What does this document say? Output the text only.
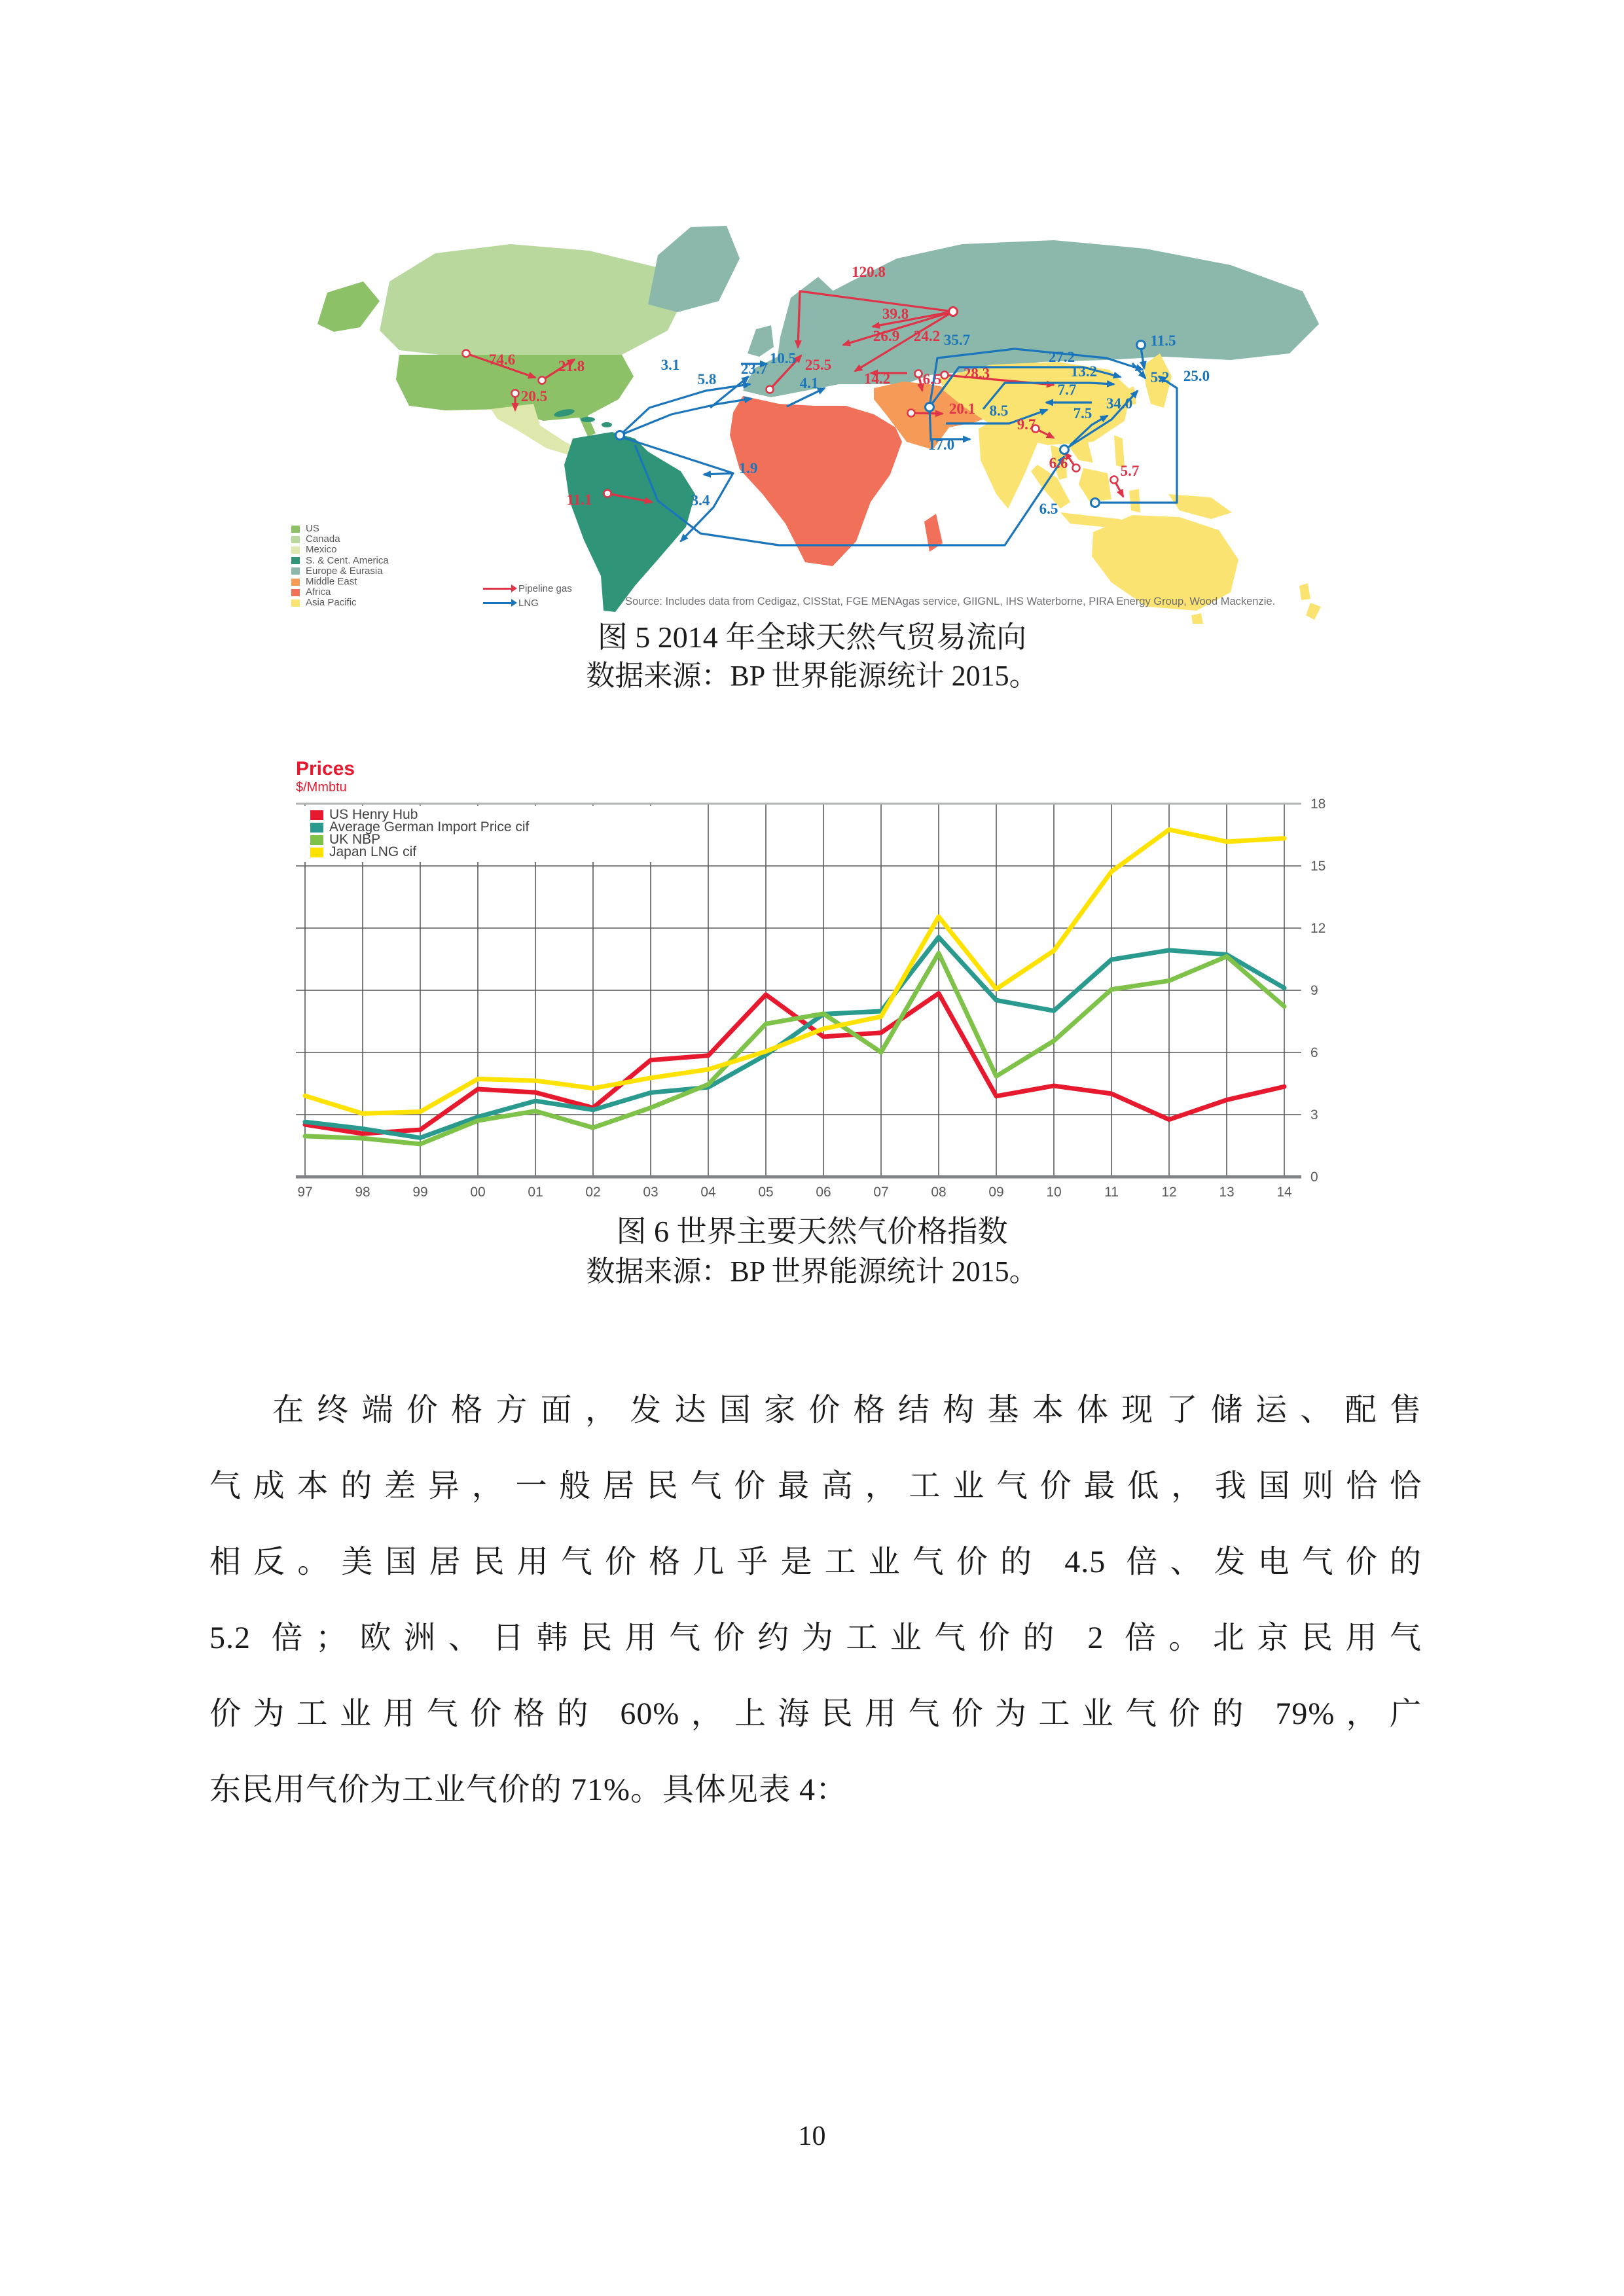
74.6	21.8
20.5
11.1
120.8
39.8
26.9 24.2
25.5
14.2 6.5 28.3
20.1
9.7
6.6	5.7
3.1
5.8
23.7
10.5
4.1
1.9
3.4
35.7
27.2
13.2
7.7
8.5
17.0
34.0
7.5
25.0
11.5
5.2
6.5
US
Canada
Mexico
S. & Cent. America
Europe & Eurasia
Middle East
Africa
Asia Pacific
Pipeline gas
LNG	Source: Includes data from Cedigaz, CISStat, FGE MENAgas service, GIIGNL, IHS Waterborne, PIRA Energy Group, Wood Mackenzie.
图 5 2014 年全球天然气贸易流向
数据来源：BP 世界能源统计 2015。
Prices
$/Mmbtu
97	98	99	00	01	02	03	04	05	06	07	08	09	10	11	12	13	14
0
3
6
9
12
15
18
US Henry Hub
Average German Import Price cif
UK NBP
Japan LNG cif
图 6 世界主要天然气价格指数
数据来源：BP 世界能源统计 2015。
在终端价格方面，发达国家价格结构基本体现了储运、配售
气成本的差异，一般居民气价最高，工业气价最低，我国则恰恰
相反。美国居民用气价格几乎是工业气价的 4.5 倍、发电气价的
5.2 倍；欧洲、日韩民用气价约为工业气价的 2 倍。北京民用气
价为工业用气价格的 60%，上海民用气价为工业气价的 79%，广
东民用气价为工业气价的 71%。具体见表 4：
10
